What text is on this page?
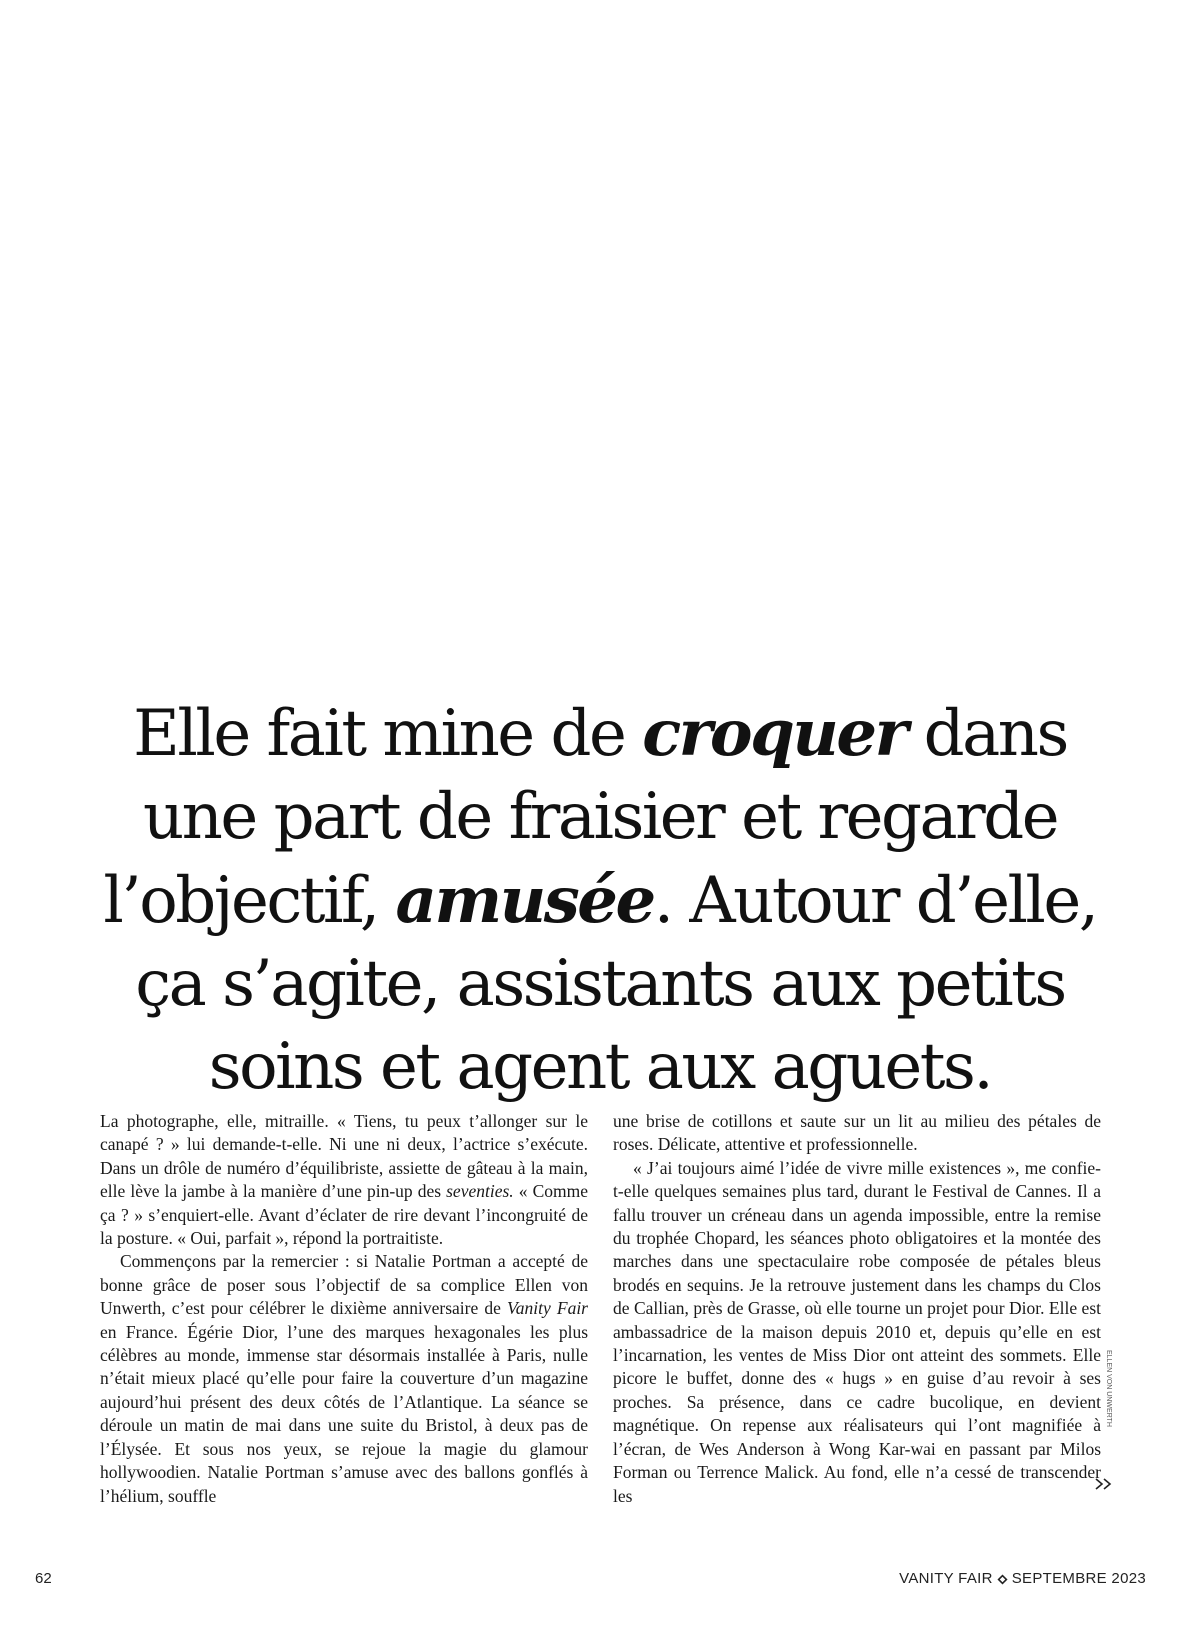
Elle fait mine de croquer dans une part de fraisier et regarde l’objectif, amusée. Autour d’elle, ça s’agite, assistants aux petits soins et agent aux aguets.

La photographe, elle, mitraille. « Tiens, tu peux t’allonger sur le canapé ? » lui demande-t-elle. Ni une ni deux, l’actrice s’exécute. Dans un drôle de numéro d’équilibriste, assiette de gâteau à la main, elle lève la jambe à la manière d’une pin-up des seventies. « Comme ça ? » s’enquiert-elle. Avant d’éclater de rire devant l’incongruité de la posture. « Oui, parfait », répond la portraitiste.

Commençons par la remercier : si Natalie Portman a accepté de bonne grâce de poser sous l’objectif de sa complice Ellen von Unwerth, c’est pour célébrer le dixième anniversaire de Vanity Fair en France. Égérie Dior, l’une des marques hexagonales les plus célèbres au monde, immense star désormais installée à Paris, nulle n’était mieux placé qu’elle pour faire la couverture d’un magazine aujourd’hui présent des deux côtés de l’Atlantique. La séance se déroule un matin de mai dans une suite du Bristol, à deux pas de l’Élysée. Et sous nos yeux, se rejoue la magie du glamour hollywoodien. Natalie Portman s’amuse avec des ballons gonflés à l’hélium, souffle

une brise de cotillons et saute sur un lit au milieu des pétales de roses. Délicate, attentive et professionnelle.

« J’ai toujours aimé l’idée de vivre mille existences », me confie-t-elle quelques semaines plus tard, durant le Festival de Cannes. Il a fallu trouver un créneau dans un agenda impossible, entre la remise du trophée Chopard, les séances photo obligatoires et la montée des marches dans une spectaculaire robe composée de pétales bleus brodés en sequins. Je la retrouve justement dans les champs du Clos de Callian, près de Grasse, où elle tourne un projet pour Dior. Elle est ambassadrice de la maison depuis 2010 et, depuis qu’elle en est l’incarnation, les ventes de Miss Dior ont atteint des sommets. Elle picore le buffet, donne des « hugs » en guise d’au revoir à ses proches. Sa présence, dans ce cadre bucolique, en devient magnétique. On repense aux réalisateurs qui l’ont magnifiée à l’écran, de Wes Anderson à Wong Kar-wai en passant par Milos Forman ou Terrence Malick. Au fond, elle n’a cessé de transcender les

ELLEN VON UNWERTH
62	VANITY FAIR SEPTEMBRE 2023
